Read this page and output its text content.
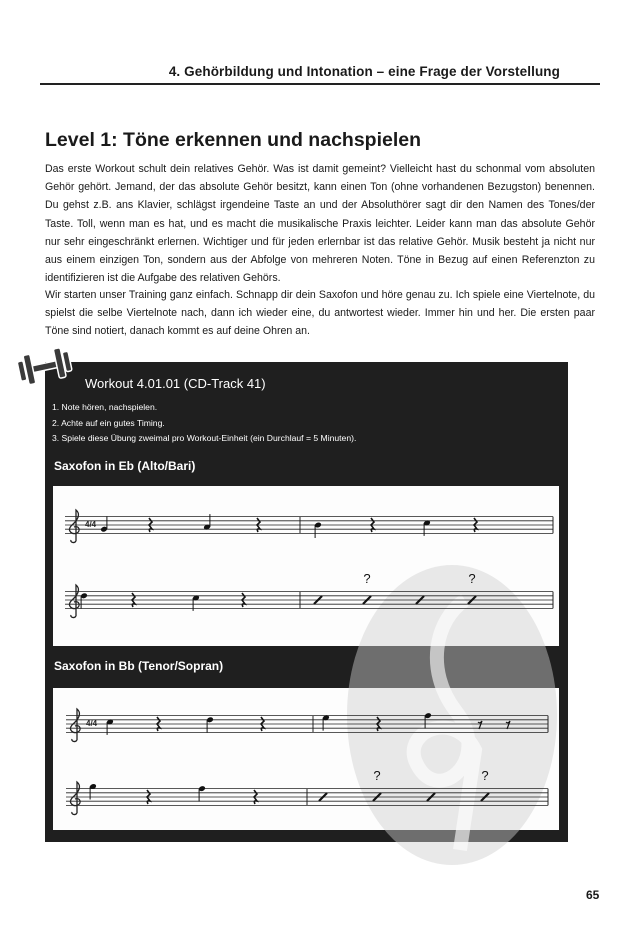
4. Gehörbildung und Intonation – eine Frage der Vorstellung
Level 1: Töne erkennen und nachspielen
Das erste Workout schult dein relatives Gehör. Was ist damit gemeint? Vielleicht hast du schonmal vom absoluten Gehör gehört. Jemand, der das absolute Gehör besitzt, kann einen Ton (ohne vorhandenen Bezugston) benennen. Du gehst z.B. ans Klavier, schlägst irgendeine Taste an und der Absoluthörer sagt dir den Namen des Tones/der Taste. Toll, wenn man es hat, und es macht die musikalische Praxis leichter. Leider kann man das absolute Gehör nur sehr eingeschränkt erlernen. Wichtiger und für jeden erlernbar ist das relative Gehör. Musik besteht ja nicht nur aus einem einzigen Ton, sondern aus der Abfolge von mehreren Noten. Töne in Bezug auf einen Referenzton zu identifizieren ist die Aufgabe des relativen Gehörs.
Wir starten unser Training ganz einfach. Schnapp dir dein Saxofon und höre genau zu. Ich spiele eine Viertelnote, du spielst die selbe Viertelnote nach, dann ich wieder eine, du antwortest wieder. Immer hin und her. Die ersten paar Töne sind notiert, danach kommt es auf deine Ohren an.
Workout 4.01.01 (CD-Track 41)
1. Note hören, nachspielen.
2. Achte auf ein gutes Timing.
3. Spiele diese Übung zweimal pro Workout-Einheit (ein Durchlauf = 5 Minuten).
Saxofon in Eb (Alto/Bari)
Saxofon in Bb (Tenor/Sopran)
?	?
?	?
4/4
4/4
65
